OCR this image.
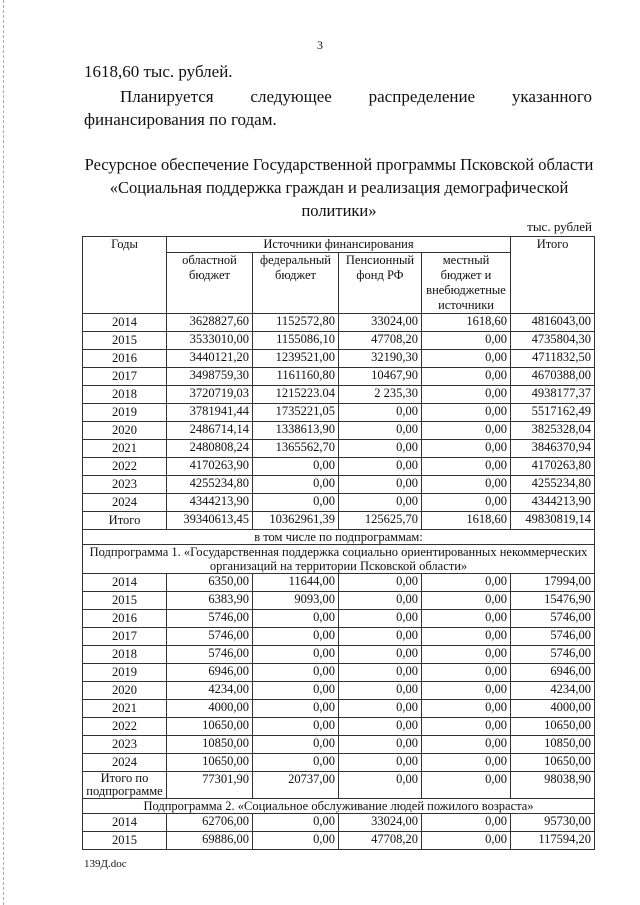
3
1618,60 тыс. рублей.
Планируется следующее распределение указанного
финансирования по годам.
Ресурсное обеспечение Государственной программы Псковской области
«Социальная поддержка граждан и реализация демографической
политики»
тыс. рублей
Годы	Источники финансирования				Итого
	областной бюджет	федеральный бюджет	Пенсионный фонд РФ	местный бюджет и внебюджетные источники	
2014	3628827,60	1152572,80	33024,00	1618,60	4816043,00
2015	3533010,00	1155086,10	47708,20	0,00	4735804,30
2016	3440121,20	1239521,00	32190,30	0,00	4711832,50
2017	3498759,30	1161160,80	10467,90	0,00	4670388,00
2018	3720719,03	1215223.04	2 235,30	0,00	4938177,37
2019	3781941,44	1735221,05	0,00	0,00	5517162,49
2020	2486714,14	1338613,90	0,00	0,00	3825328,04
2021	2480808,24	1365562,70	0,00	0,00	3846370,94
2022	4170263,90	0,00	0,00	0,00	4170263,80
2023	4255234,80	0,00	0,00	0,00	4255234,80
2024	4344213,90	0,00	0,00	0,00	4344213,90
Итого	39340613,45	10362961,39	125625,70	1618,60	49830819,14
в том числе по подпрограммам:					
Подпрограмма 1. «Государственная поддержка социально ориентированных некоммерческих организаций на территории Псковской области»					
2014	6350,00	11644,00	0,00	0,00	17994,00
2015	6383,90	9093,00	0,00	0,00	15476,90
2016	5746,00	0,00	0,00	0,00	5746,00
2017	5746,00	0,00	0,00	0,00	5746,00
2018	5746,00	0,00	0,00	0,00	5746,00
2019	6946,00	0,00	0,00	0,00	6946,00
2020	4234,00	0,00	0,00	0,00	4234,00
2021	4000,00	0,00	0,00	0,00	4000,00
2022	10650,00	0,00	0,00	0,00	10650,00
2023	10850,00	0,00	0,00	0,00	10850,00
2024	10650,00	0,00	0,00	0,00	10650,00
Итого по подпрограмме	77301,90	20737,00	0,00	0,00	98038,90
Подпрограмма 2. «Социальное обслуживание людей пожилого возраста»					
2014	62706,00	0,00	33024,00	0,00	95730,00
2015	69886,00	0,00	47708,20	0,00	117594,20
139Д.doc
